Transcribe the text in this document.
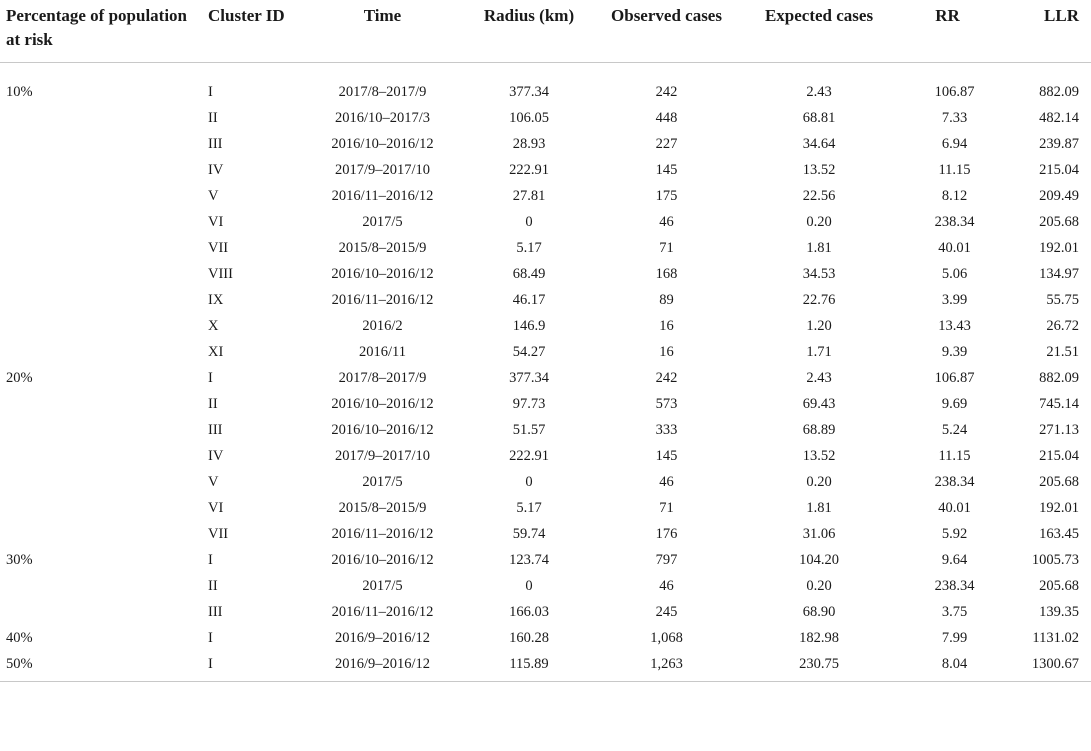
Percentage of population at risk	Cluster ID	Time	Radius (km)	Observed cases	Expected cases	RR	LLR
10%	I	2017/8–2017/9	377.34	242	2.43	106.87	882.09
	II	2016/10–2017/3	106.05	448	68.81	7.33	482.14
	III	2016/10–2016/12	28.93	227	34.64	6.94	239.87
	IV	2017/9–2017/10	222.91	145	13.52	11.15	215.04
	V	2016/11–2016/12	27.81	175	22.56	8.12	209.49
	VI	2017/5	0	46	0.20	238.34	205.68
	VII	2015/8–2015/9	5.17	71	1.81	40.01	192.01
	VIII	2016/10–2016/12	68.49	168	34.53	5.06	134.97
	IX	2016/11–2016/12	46.17	89	22.76	3.99	55.75
	X	2016/2	146.9	16	1.20	13.43	26.72
	XI	2016/11	54.27	16	1.71	9.39	21.51
20%	I	2017/8–2017/9	377.34	242	2.43	106.87	882.09
	II	2016/10–2016/12	97.73	573	69.43	9.69	745.14
	III	2016/10–2016/12	51.57	333	68.89	5.24	271.13
	IV	2017/9–2017/10	222.91	145	13.52	11.15	215.04
	V	2017/5	0	46	0.20	238.34	205.68
	VI	2015/8–2015/9	5.17	71	1.81	40.01	192.01
	VII	2016/11–2016/12	59.74	176	31.06	5.92	163.45
30%	I	2016/10–2016/12	123.74	797	104.20	9.64	1005.73
	II	2017/5	0	46	0.20	238.34	205.68
	III	2016/11–2016/12	166.03	245	68.90	3.75	139.35
40%	I	2016/9–2016/12	160.28	1,068	182.98	7.99	1131.02
50%	I	2016/9–2016/12	115.89	1,263	230.75	8.04	1300.67
